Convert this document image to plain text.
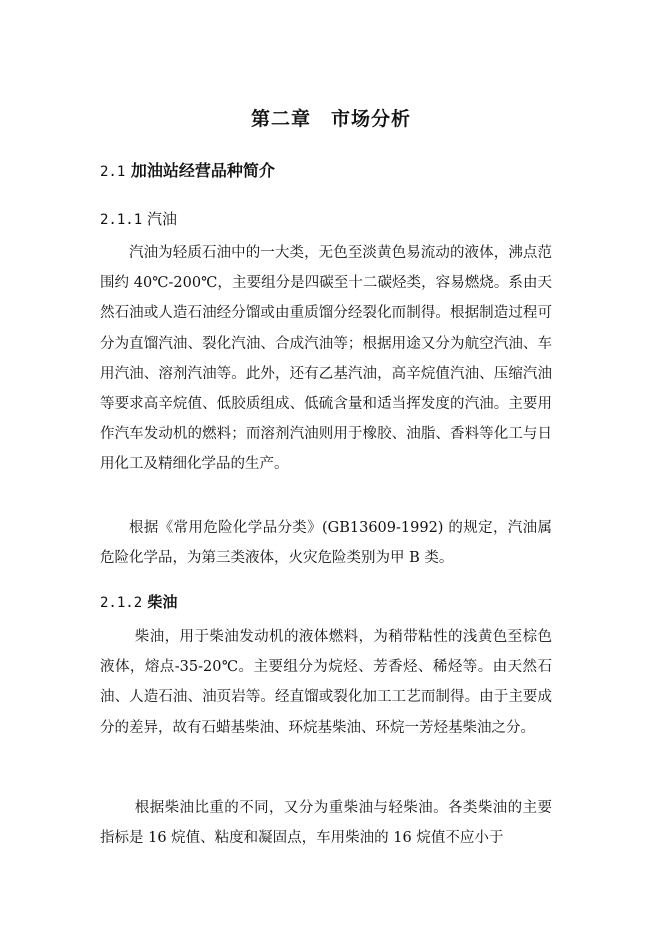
第二章　市场分析
2.1 加油站经营品种简介
2.1.1 汽油
汽油为轻质石油中的一大类，无色至淡黄色易流动的液体，沸点范围约 40℃-200℃，主要组分是四碳至十二碳烃类，容易燃烧。系由天然石油或人造石油经分馏或由重质馏分经裂化而制得。根据制造过程可分为直馏汽油、裂化汽油、合成汽油等；根据用途又分为航空汽油、车用汽油、溶剂汽油等。此外，还有乙基汽油，高辛烷值汽油、压缩汽油等要求高辛烷值、低胶质组成、低硫含量和适当挥发度的汽油。主要用作汽车发动机的燃料；而溶剂汽油则用于橡胶、油脂、香料等化工与日用化工及精细化学品的生产。
根据《常用危险化学品分类》(GB13609-1992) 的规定，汽油属危险化学品，为第三类液体，火灾危险类别为甲 B 类。
2.1.2 柴油
柴油，用于柴油发动机的液体燃料，为稍带粘性的浅黄色至棕色液体，熔点-35-20℃。主要组分为烷烃、芳香烃、稀烃等。由天然石油、人造石油、油页岩等。经直馏或裂化加工工艺而制得。由于主要成分的差异，故有石蜡基柴油、环烷基柴油、环烷一芳烃基柴油之分。
根据柴油比重的不同，又分为重柴油与轻柴油。各类柴油的主要指标是 16 烷值、粘度和凝固点，车用柴油的 16 烷值不应小于
